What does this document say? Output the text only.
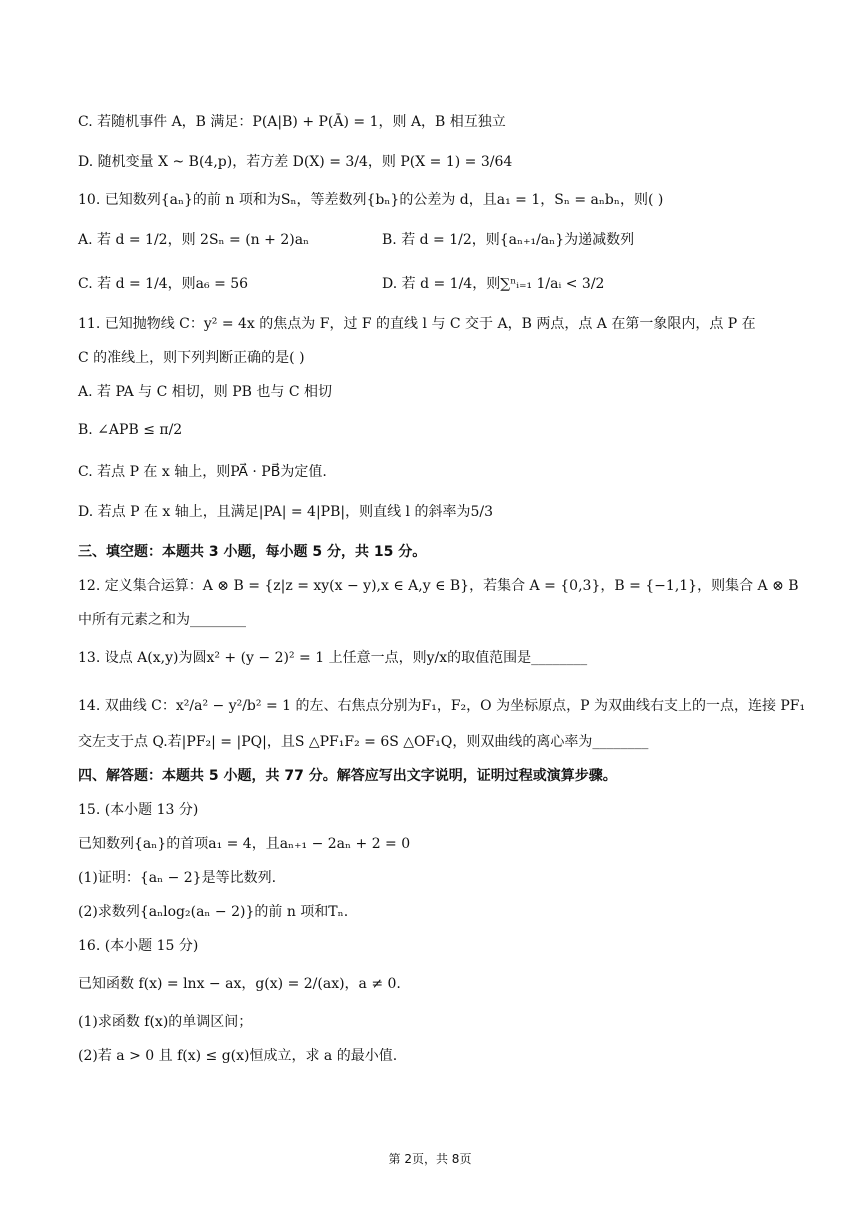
C. 若随机事件 A，B 满足：P(A|B) + P(Ā) = 1，则 A，B 相互独立
D. 随机变量 X ~ B(4,p)，若方差 D(X) = 3/4，则 P(X = 1) = 3/64
10. 已知数列{aₙ}的前 n 项和为Sₙ，等差数列{bₙ}的公差为 d，且a₁ = 1，Sₙ = aₙbₙ，则( )
A. 若 d = 1/2，则 2Sₙ = (n + 2)aₙ	B. 若 d = 1/2，则{aₙ₊₁/aₙ}为递减数列
C. 若 d = 1/4，则a₆ = 56	D. 若 d = 1/4，则∑ⁿᵢ₌₁ 1/aᵢ < 3/2
11. 已知抛物线 C：y² = 4x 的焦点为 F，过 F 的直线 l 与 C 交于 A，B 两点，点 A 在第一象限内，点 P 在
C 的准线上，则下列判断正确的是( )
A. 若 PA 与 C 相切，则 PB 也与 C 相切
B. ∠APB ≤ π/2
C. 若点 P 在 x 轴上，则PA⃗ · PB⃗为定值.
D. 若点 P 在 x 轴上，且满足|PA| = 4|PB|，则直线 l 的斜率为5/3
三、填空题：本题共 3 小题，每小题 5 分，共 15 分。
12. 定义集合运算：A ⊗ B = {z|z = xy(x − y),x ∈ A,y ∈ B}，若集合 A = {0,3}，B = {−1,1}，则集合 A ⊗ B
中所有元素之和为________
13. 设点 A(x,y)为圆x² + (y − 2)² = 1 上任意一点，则y/x的取值范围是________
14. 双曲线 C：x²/a² − y²/b² = 1 的左、右焦点分别为F₁，F₂，O 为坐标原点，P 为双曲线右支上的一点，连接 PF₁
交左支于点 Q.若|PF₂| = |PQ|，且S △PF₁F₂ = 6S △OF₁Q，则双曲线的离心率为________
四、解答题：本题共 5 小题，共 77 分。解答应写出文字说明，证明过程或演算步骤。
15. (本小题 13 分)
已知数列{aₙ}的首项a₁ = 4，且aₙ₊₁ − 2aₙ + 2 = 0
(1)证明：{aₙ − 2}是等比数列.
(2)求数列{aₙlog₂(aₙ − 2)}的前 n 项和Tₙ.
16. (本小题 15 分)
已知函数 f(x) = lnx − ax，g(x) = 2/(ax)，a ≠ 0.
(1)求函数 f(x)的单调区间；
(2)若 a > 0 且 f(x) ≤ g(x)恒成立，求 a 的最小值.
第 2页，共 8页
